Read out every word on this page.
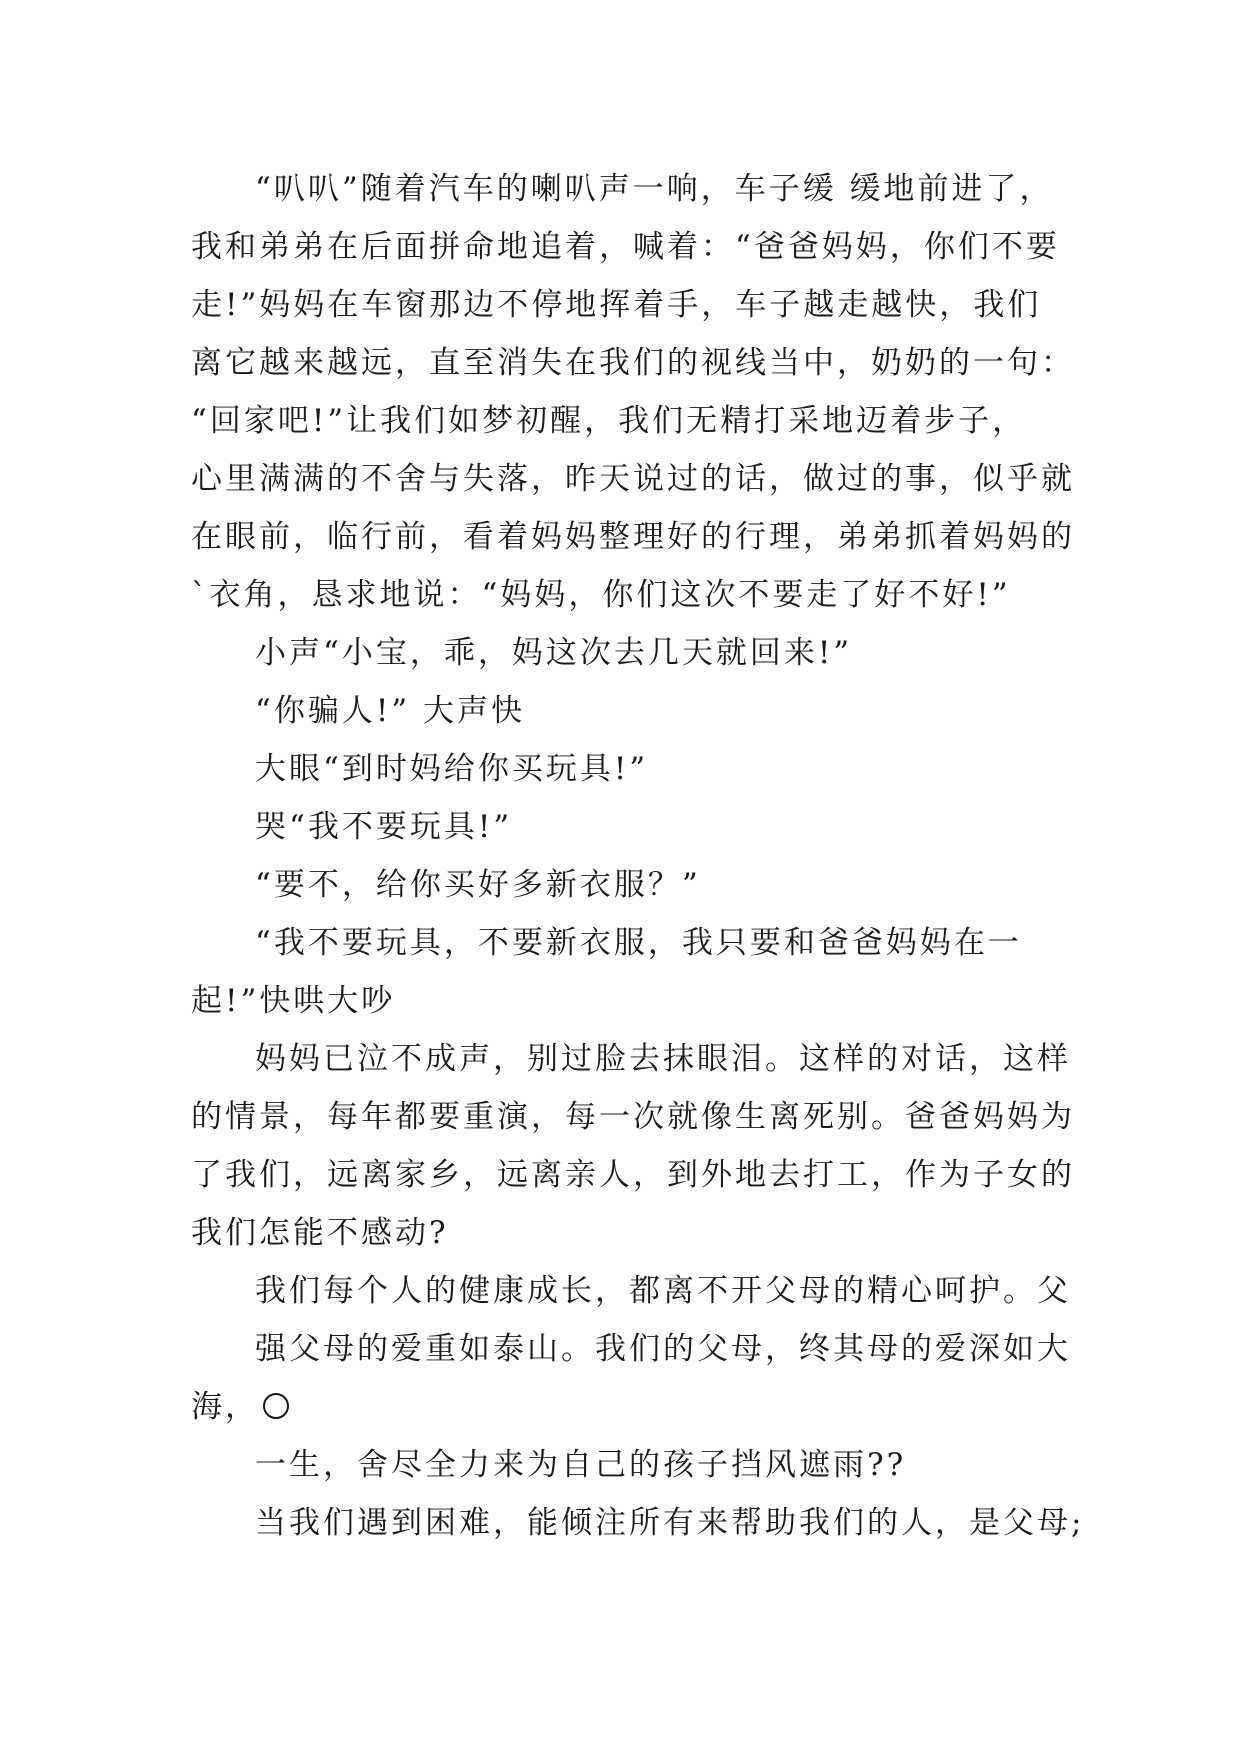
“叭叭”随着汽车的喇叭声一响，车子缓 缓地前进了，
我和弟弟在后面拼命地追着，喊着：“爸爸妈妈，你们不要
走!”妈妈在车窗那边不停地挥着手，车子越走越快，我们
离它越来越远，直至消失在我们的视线当中，奶奶的一句：
“回家吧!”让我们如梦初醒，我们无精打采地迈着步子，
心里满满的不舍与失落，昨天说过的话，做过的事，似乎就
在眼前，临行前，看着妈妈整理好的行理，弟弟抓着妈妈的
`衣角，恳求地说：“妈妈，你们这次不要走了好不好!”
小声“小宝，乖，妈这次去几天就回来!”
“你骗人!” 大声快
大眼“到时妈给你买玩具!”
哭“我不要玩具!”
“要不，给你买好多新衣服？”
“我不要玩具，不要新衣服，我只要和爸爸妈妈在一
起!”快哄大吵
妈妈已泣不成声，别过脸去抹眼泪。这样的对话，这样
的情景，每年都要重演，每一次就像生离死别。爸爸妈妈为
了我们，远离家乡，远离亲人，到外地去打工，作为子女的
我们怎能不感动?
我们每个人的健康成长，都离不开父母的精心呵护。父
强父母的爱重如泰山。我们的父母，终其母的爱深如大
海，
一生，舍尽全力来为自己的孩子挡风遮雨??
当我们遇到困难，能倾注所有来帮助我们的人，是父母;
